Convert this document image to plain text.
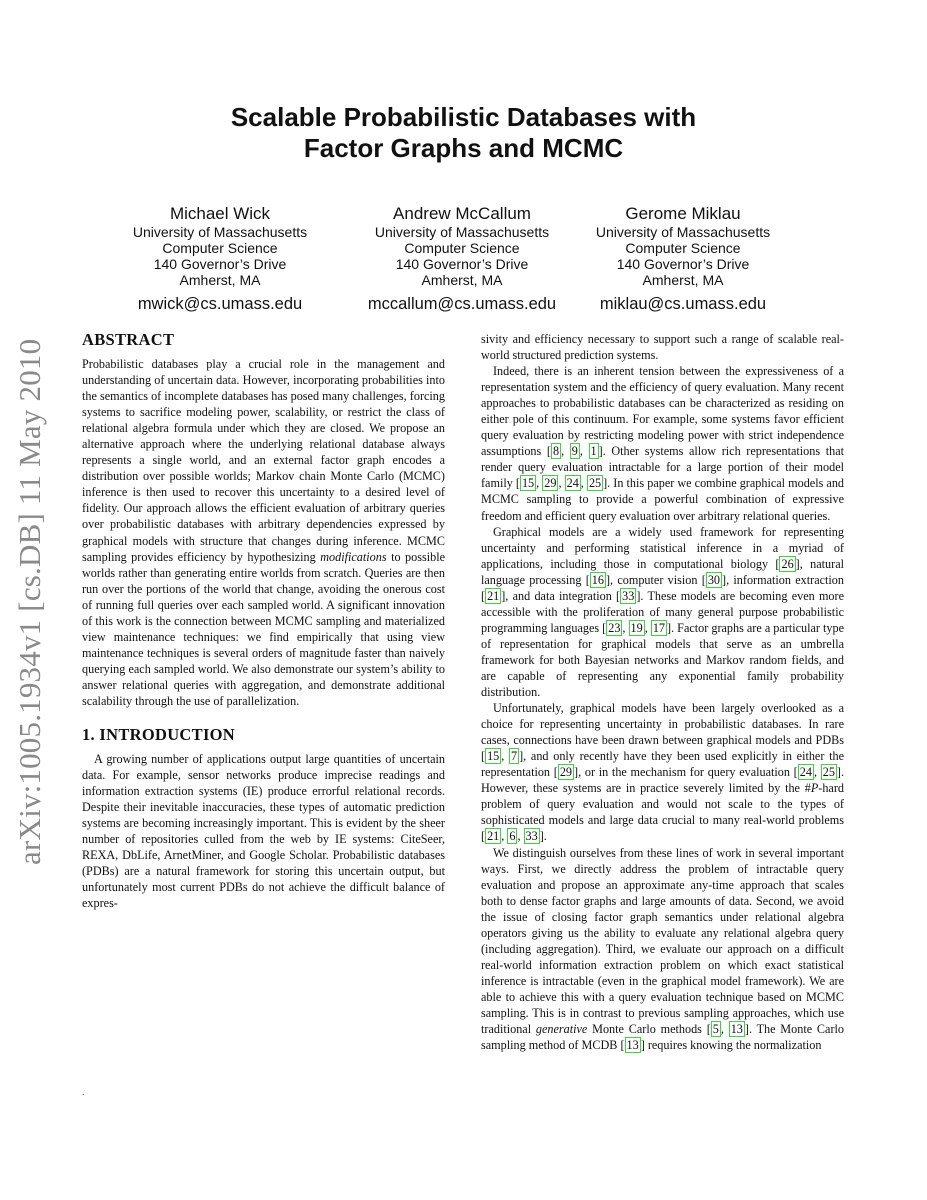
arXiv:1005.1934v1 [cs.DB] 11 May 2010
Scalable Probabilistic Databases with
Factor Graphs and MCMC
Michael Wick
University of Massachusetts
Computer Science
140 Governor’s Drive
Amherst, MA
mwick@cs.umass.edu
Andrew McCallum
University of Massachusetts
Computer Science
140 Governor’s Drive
Amherst, MA
mccallum@cs.umass.edu
Gerome Miklau
University of Massachusetts
Computer Science
140 Governor’s Drive
Amherst, MA
miklau@cs.umass.edu
ABSTRACT

Probabilistic databases play a crucial role in the management and understanding of uncertain data. However, incorporating probabilities into the semantics of incomplete databases has posed many challenges, forcing systems to sacrifice modeling power, scalability, or restrict the class of relational algebra formula under which they are closed. We propose an alternative approach where the underlying relational database always represents a single world, and an external factor graph encodes a distribution over possible worlds; Markov chain Monte Carlo (MCMC) inference is then used to recover this uncertainty to a desired level of fidelity. Our approach allows the efficient evaluation of arbitrary queries over probabilistic databases with arbitrary dependencies expressed by graphical models with structure that changes during inference. MCMC sampling provides efficiency by hypothesizing modifications to possible worlds rather than generating entire worlds from scratch. Queries are then run over the portions of the world that change, avoiding the onerous cost of running full queries over each sampled world. A significant innovation of this work is the connection between MCMC sampling and materialized view maintenance techniques: we find empirically that using view maintenance techniques is several orders of magnitude faster than naively querying each sampled world. We also demonstrate our system’s ability to answer relational queries with aggregation, and demonstrate additional scalability through the use of parallelization.

1. INTRODUCTION

A growing number of applications output large quantities of uncertain data. For example, sensor networks produce imprecise readings and information extraction systems (IE) produce errorful relational records. Despite their inevitable inaccuracies, these types of automatic prediction systems are becoming increasingly important. This is evident by the sheer number of repositories culled from the web by IE systems: CiteSeer, REXA, DbLife, ArnetMiner, and Google Scholar. Probabilistic databases (PDBs) are a natural framework for storing this uncertain output, but unfortunately most current PDBs do not achieve the difficult balance of expres-

sivity and efficiency necessary to support such a range of scalable real-world structured prediction systems.

Indeed, there is an inherent tension between the expressiveness of a representation system and the efficiency of query evaluation. Many recent approaches to probabilistic databases can be characterized as residing on either pole of this continuum. For example, some systems favor efficient query evaluation by restricting modeling power with strict independence assumptions [ 8 , 9 , 1 ]. Other systems allow rich representations that render query evaluation intractable for a large portion of their model family [ 15 , 29 , 24 , 25 ]. In this paper we combine graphical models and MCMC sampling to provide a powerful combination of expressive freedom and efficient query evaluation over arbitrary relational queries.

Graphical models are a widely used framework for representing uncertainty and performing statistical inference in a myriad of applications, including those in computational biology [ 26 ], natural language processing [ 16 ], computer vision [ 30 ], information extraction [ 21 ], and data integration [ 33 ]. These models are becoming even more accessible with the proliferation of many general purpose probabilistic programming languages [ 23 , 19 , 17 ]. Factor graphs are a particular type of representation for graphical models that serve as an umbrella framework for both Bayesian networks and Markov random fields, and are capable of representing any exponential family probability distribution.

Unfortunately, graphical models have been largely overlooked as a choice for representing uncertainty in probabilistic databases. In rare cases, connections have been drawn between graphical models and PDBs [ 15 , 7 ], and only recently have they been used explicitly in either the representation [ 29 ], or in the mechanism for query evaluation [ 24 , 25 ]. However, these systems are in practice severely limited by the #P-hard problem of query evaluation and would not scale to the types of sophisticated models and large data crucial to many real-world problems [ 21 , 6 , 33 ].

We distinguish ourselves from these lines of work in several important ways. First, we directly address the problem of intractable query evaluation and propose an approximate any-time approach that scales both to dense factor graphs and large amounts of data. Second, we avoid the issue of closing factor graph semantics under relational algebra operators giving us the ability to evaluate any relational algebra query (including aggregation). Third, we evaluate our approach on a difficult real-world information extraction problem on which exact statistical inference is intractable (even in the graphical model framework). We are able to achieve this with a query evaluation technique based on MCMC sampling. This is in contrast to previous sampling approaches, which use traditional generative Monte Carlo methods [ 5 , 13 ]. The Monte Carlo sampling method of MCDB [ 13 ] requires knowing the normalization

.
